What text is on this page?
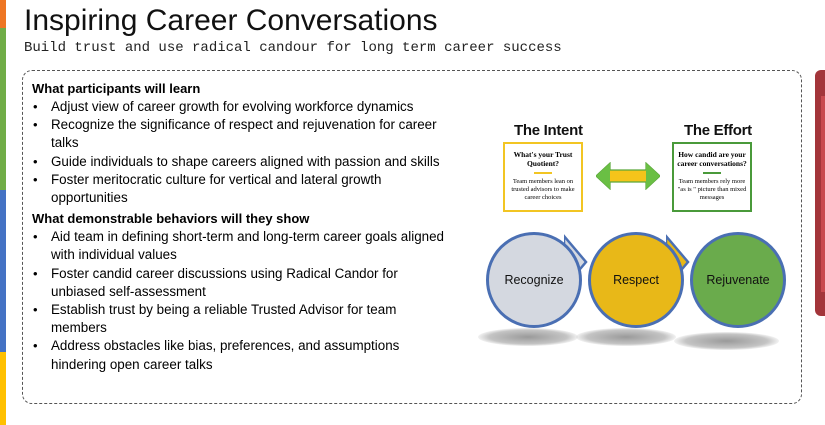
Inspiring Career Conversations
Build trust and use radical candour for long term career success
What participants will learn
• Adjust view of career growth for evolving workforce dynamics
• Recognize the significance of respect and rejuvenation for career talks
• Guide individuals to shape careers aligned with passion and skills
• Foster meritocratic culture for vertical and lateral growth opportunities
What demonstrable behaviors will they show
• Aid team in defining short-term and long-term career goals aligned with individual values
• Foster candid career discussions using Radical Candor for unbiased self-assessment
• Establish trust by being a reliable Trusted Advisor for team members
• Address obstacles like bias, preferences, and assumptions hindering open career talks
The Intent
What's your Trust Quotient?
Team members lean on trusted advisors to make career choices
The Effort
How candid are your career conversations?
Team members rely more "as is " picture than mixed messages
Recognize	Respect	Rejuvenate
